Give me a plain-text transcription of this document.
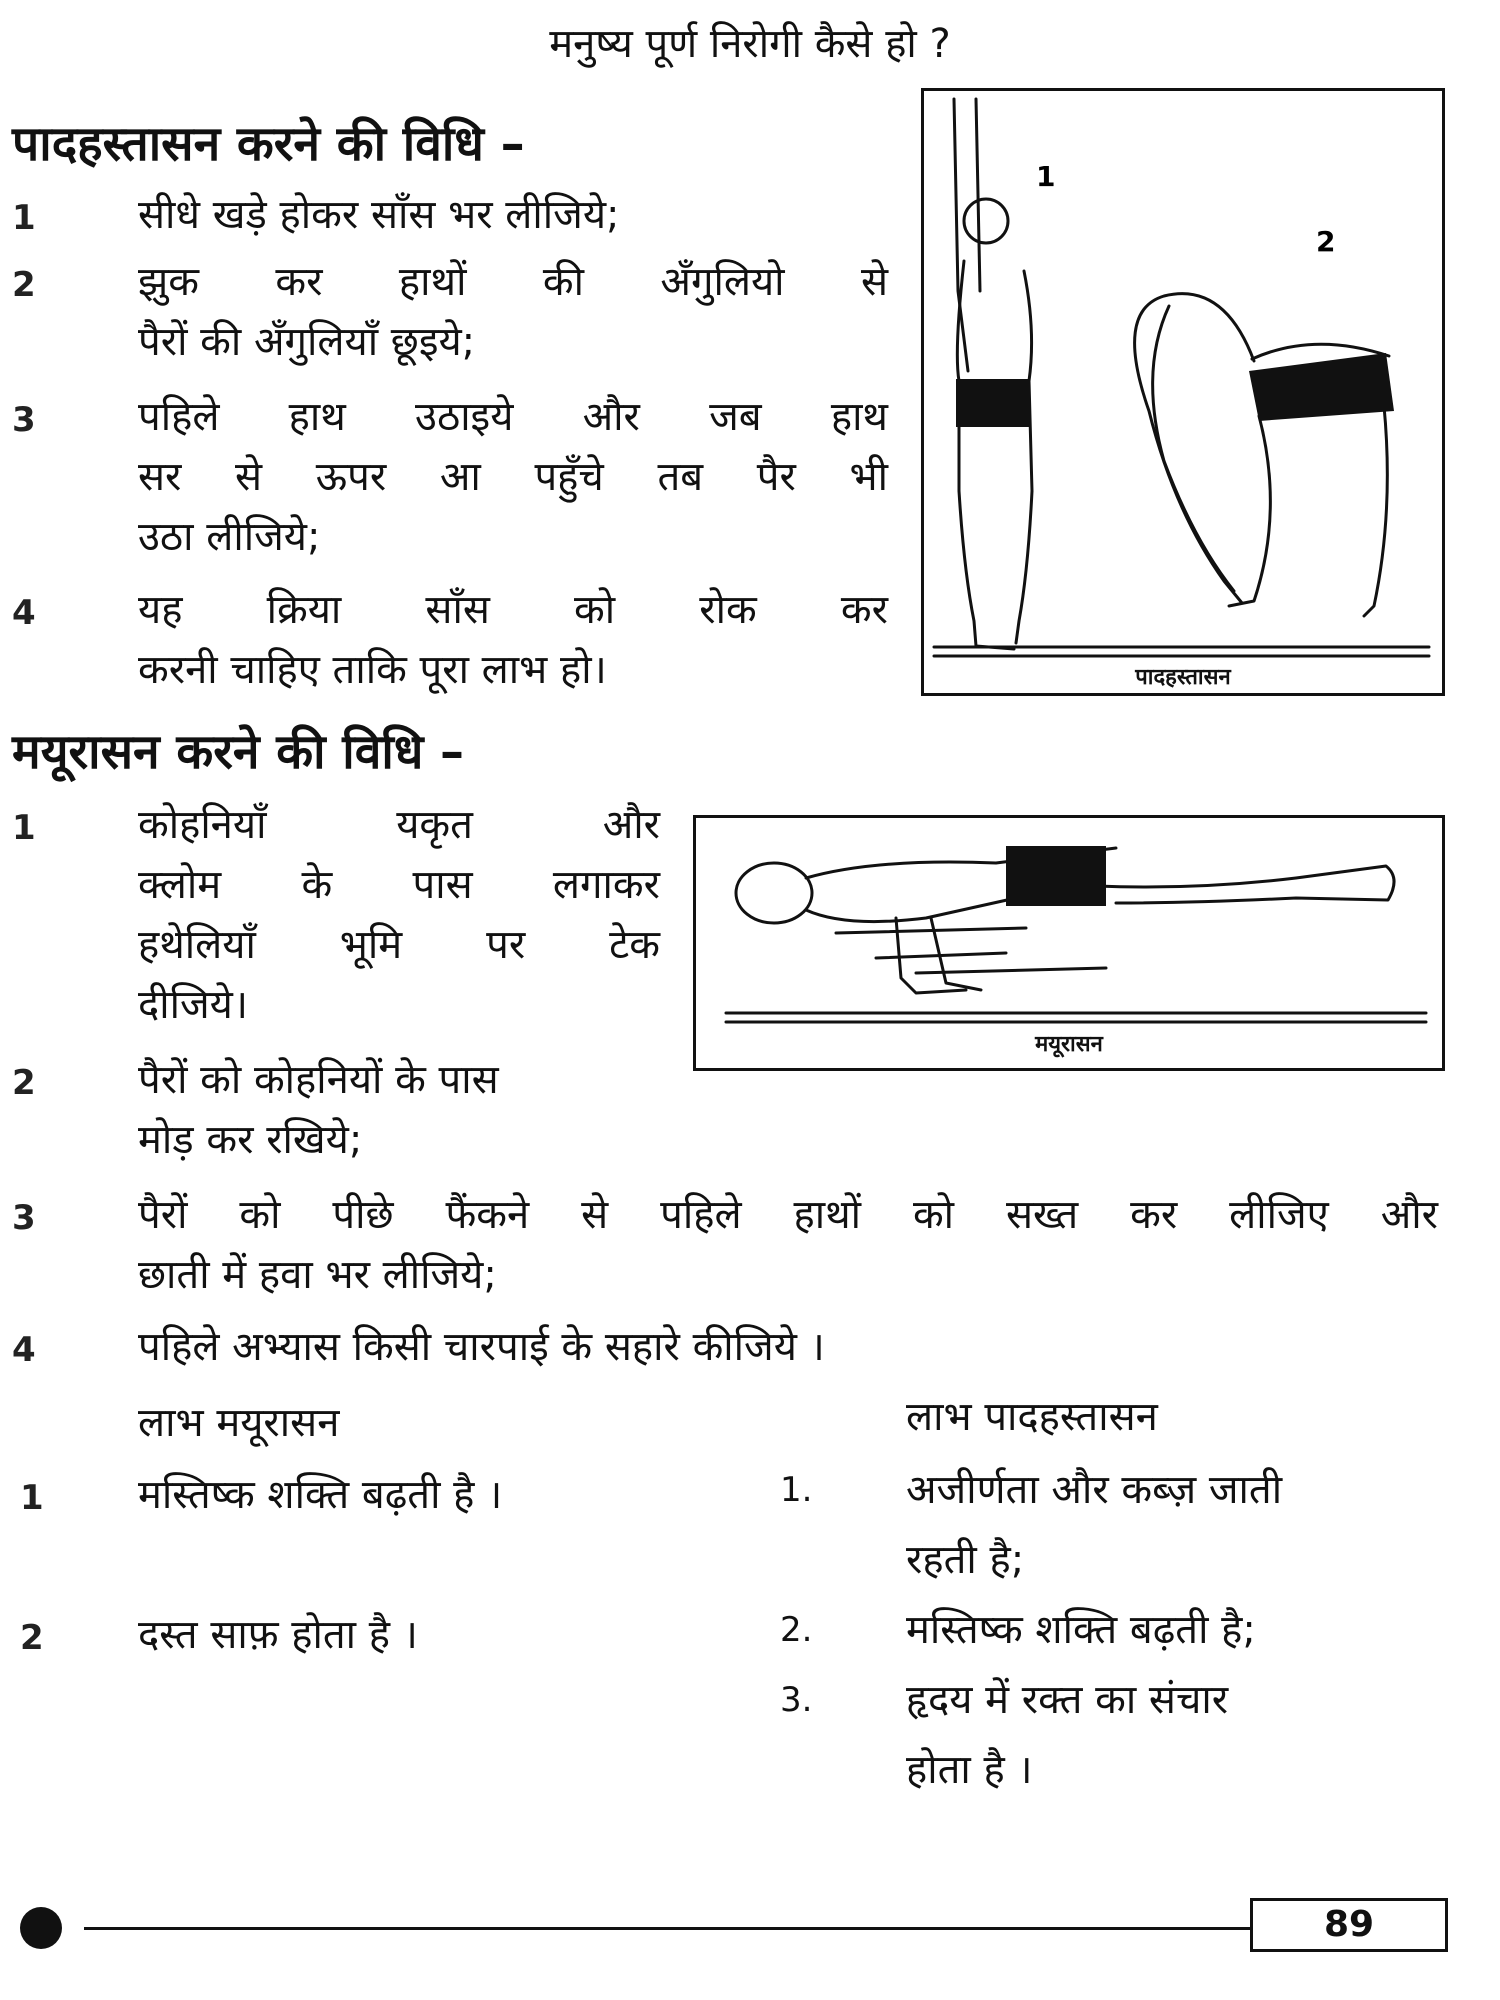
मनुष्य पूर्ण निरोगी कैसे हो ?
पादहस्तासन करने की विधि –
1	सीधे खड़े होकर साँस भर लीजिये;
2	झुक कर हाथों की अँगुलियो से
पैरों की अँगुलियाँ छूइये;
3	पहिले हाथ उठाइये और जब हाथ
सर से ऊपर आ पहुँचे तब पैर भी
उठा लीजिये;
4	यह क्रिया साँस को रोक कर
करनी चाहिए ताकि पूरा लाभ हो।
1
2
पादहस्तासन
मयूरासन करने की विधि –
1	कोहनियाँ यकृत और
क्लोम के पास लगाकर
हथेलियाँ भूमि पर टेक
दीजिये।
2	पैरों को कोहनियों के पास
मोड़ कर रखिये;
3	पैरों को पीछे फैंकने से पहिले हाथों को सख्त कर लीजिए और
छाती में हवा भर लीजिये;
4	पहिले अभ्यास किसी चारपाई के सहारे कीजिये ।
मयूरासन
लाभ मयूरासन
1 मस्तिष्क शक्ति बढ़ती है ।
2 दस्त साफ़ होता है ।
लाभ पादहस्तासन
1. अजीर्णता और कब्ज़ जाती
रहती है;
2. मस्तिष्क शक्ति बढ़ती है;
3. हृदय में रक्त का संचार
होता है ।
89
